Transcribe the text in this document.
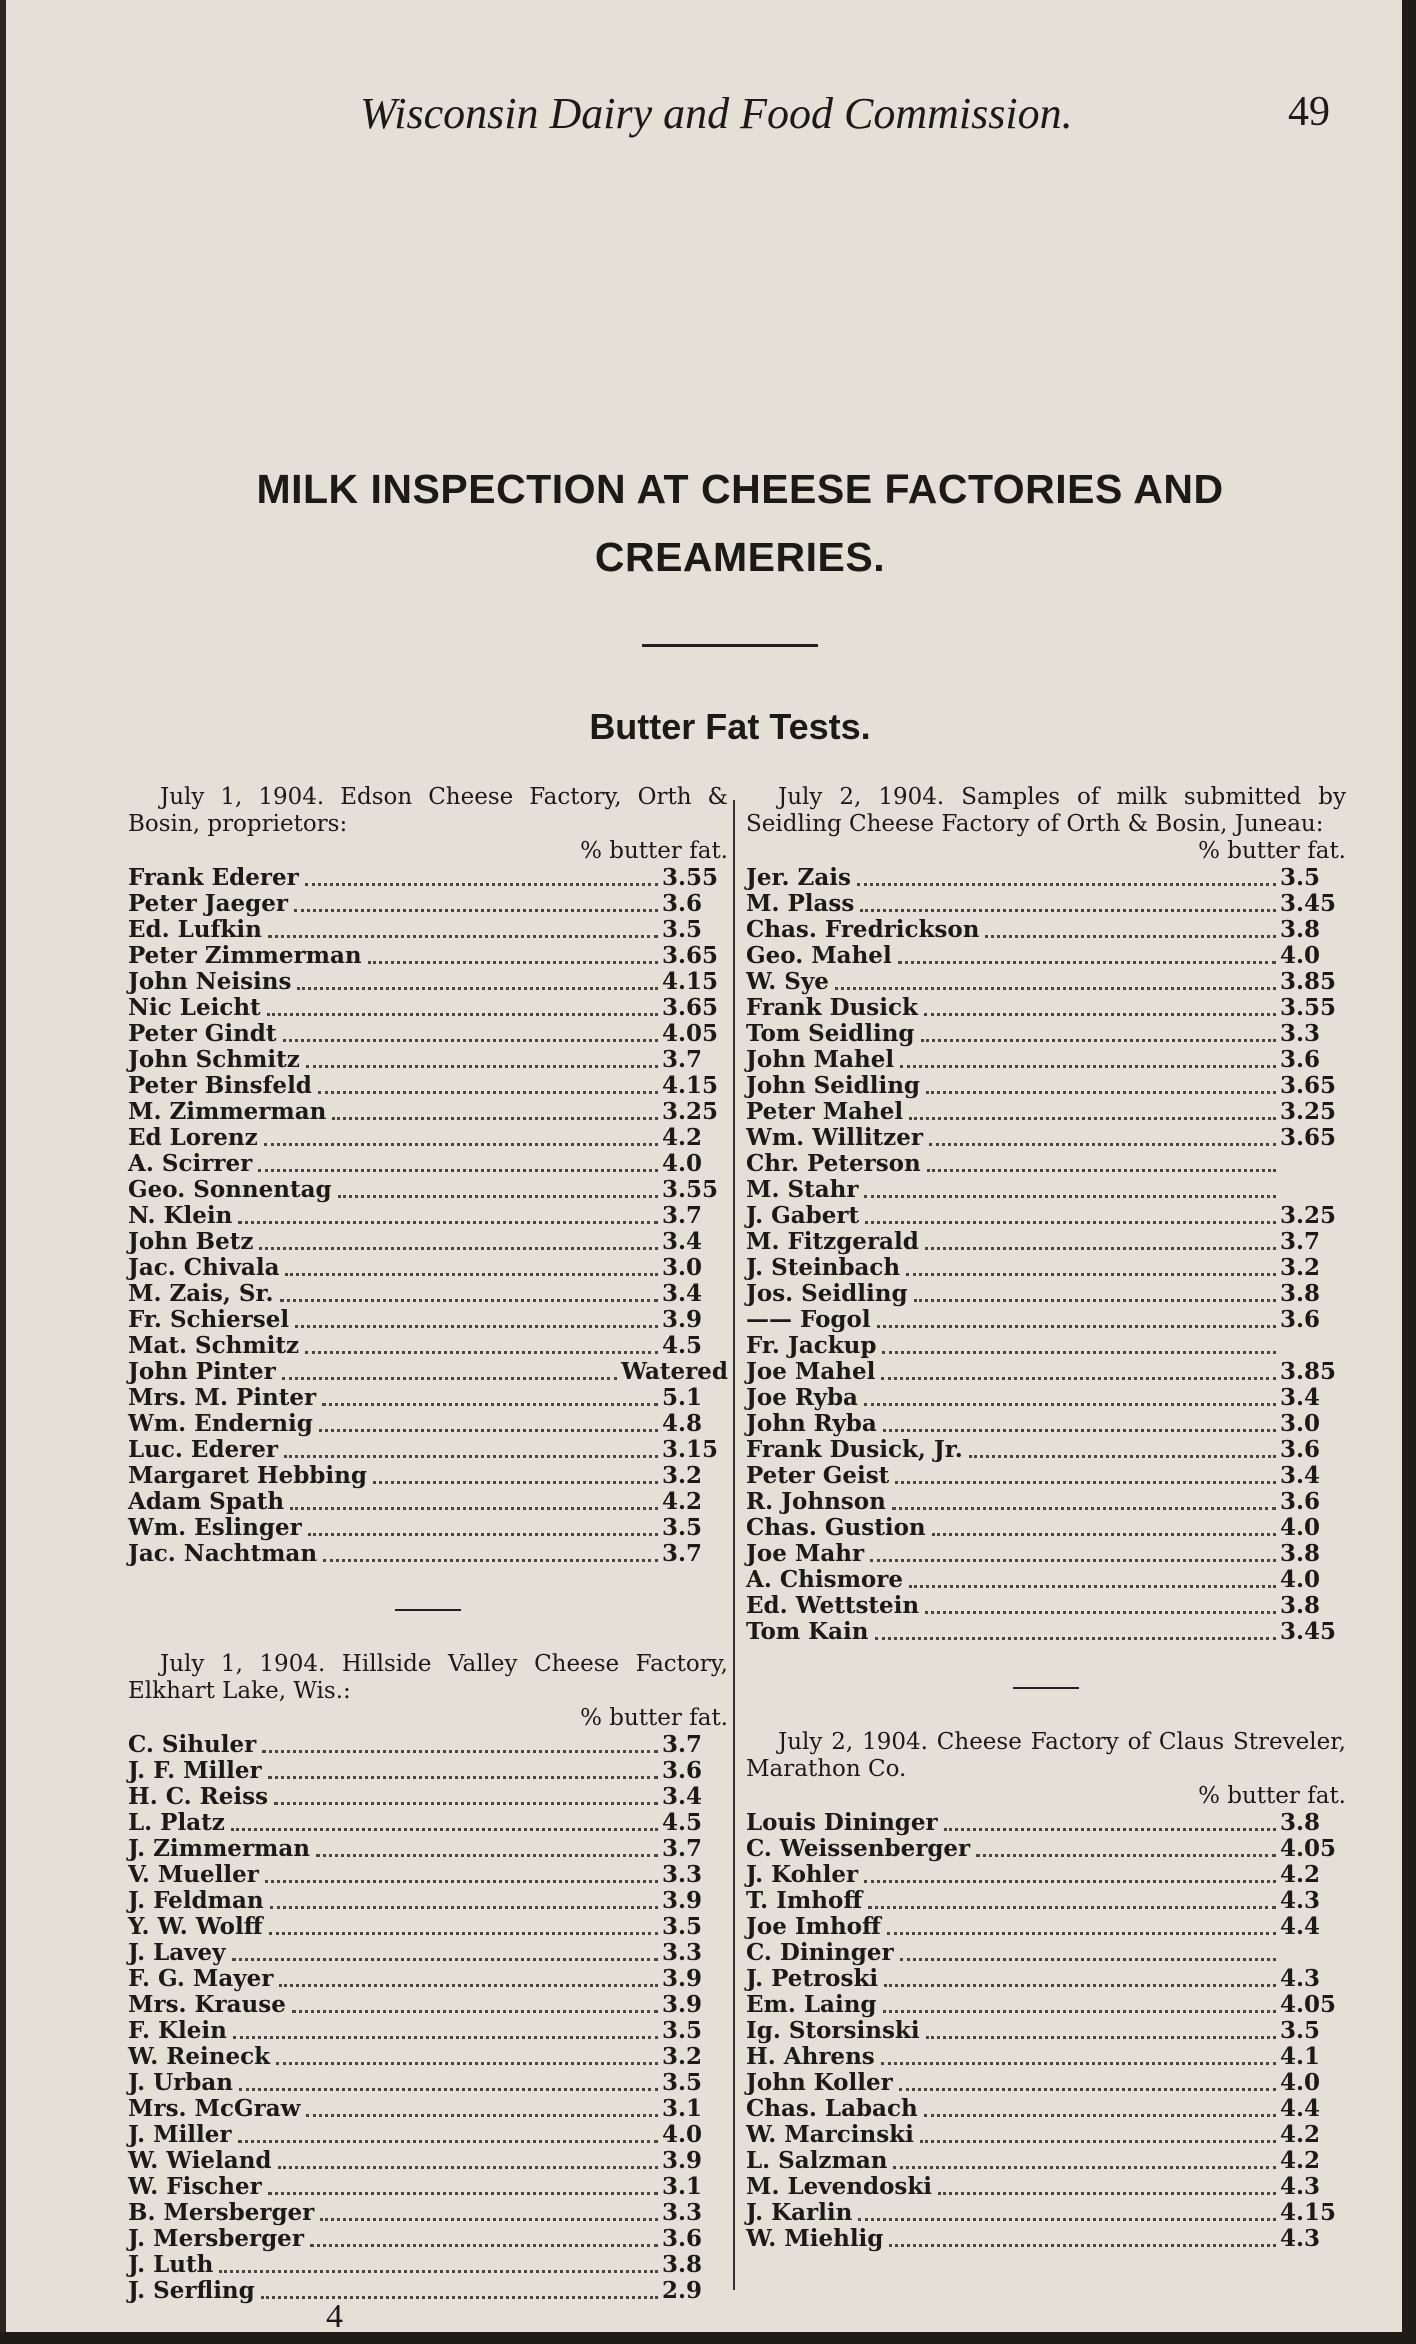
Wisconsin Dairy and Food Commission.	49
MILK INSPECTION AT CHEESE FACTORIES AND CREAMERIES.
Butter Fat Tests.
July 1, 1904. Edson Cheese Factory, Orth & Bosin, proprietors:
% butter fat.
Frank Ederer	3.55
Peter Jaeger	3.6
Ed. Lufkin	3.5
Peter Zimmerman	3.65
John Neisins	4.15
Nic Leicht	3.65
Peter Gindt	4.05
John Schmitz	3.7
Peter Binsfeld	4.15
M. Zimmerman	3.25
Ed Lorenz	4.2
A. Scirrer	4.0
Geo. Sonnentag	3.55
N. Klein	3.7
John Betz	3.4
Jac. Chivala	3.0
M. Zais, Sr.	3.4
Fr. Schiersel	3.9
Mat. Schmitz	4.5
John Pinter	Watered
Mrs. M. Pinter	5.1
Wm. Endernig	4.8
Luc. Ederer	3.15
Margaret Hebbing	3.2
Adam Spath	4.2
Wm. Eslinger	3.5
Jac. Nachtman	3.7
July 1, 1904. Hillside Valley Cheese Factory, Elkhart Lake, Wis.:
% butter fat.
C. Sihuler	3.7
J. F. Miller	3.6
H. C. Reiss	3.4
L. Platz	4.5
J. Zimmerman	3.7
V. Mueller	3.3
J. Feldman	3.9
Y. W. Wolff	3.5
J. Lavey	3.3
F. G. Mayer	3.9
Mrs. Krause	3.9
F. Klein	3.5
W. Reineck	3.2
J. Urban	3.5
Mrs. McGraw	3.1
J. Miller	4.0
W. Wieland	3.9
W. Fischer	3.1
B. Mersberger	3.3
J. Mersberger	3.6
J. Luth	3.8
J. Serfling	2.9
July 2, 1904. Samples of milk submitted by Seidling Cheese Factory of Orth & Bosin, Juneau:
% butter fat.
Jer. Zais	3.5
M. Plass	3.45
Chas. Fredrickson	3.8
Geo. Mahel	4.0
W. Sye	3.85
Frank Dusick	3.55
Tom Seidling	3.3
John Mahel	3.6
John Seidling	3.65
Peter Mahel	3.25
Wm. Willitzer	3.65
Chr. Peterson
M. Stahr
J. Gabert	3.25
M. Fitzgerald	3.7
J. Steinbach	3.2
Jos. Seidling	3.8
—— Fogol	3.6
Fr. Jackup
Joe Mahel	3.85
Joe Ryba	3.4
John Ryba	3.0
Frank Dusick, Jr.	3.6
Peter Geist	3.4
R. Johnson	3.6
Chas. Gustion	4.0
Joe Mahr	3.8
A. Chismore	4.0
Ed. Wettstein	3.8
Tom Kain	3.45
July 2, 1904. Cheese Factory of Claus Streveler, Marathon Co.
% butter fat.
Louis Dininger	3.8
C. Weissenberger	4.05
J. Kohler	4.2
T. Imhoff	4.3
Joe Imhoff	4.4
C. Dininger
J. Petroski	4.3
Em. Laing	4.05
Ig. Storsinski	3.5
H. Ahrens	4.1
John Koller	4.0
Chas. Labach	4.4
W. Marcinski	4.2
L. Salzman	4.2
M. Levendoski	4.3
J. Karlin	4.15
W. Miehlig	4.3
4
